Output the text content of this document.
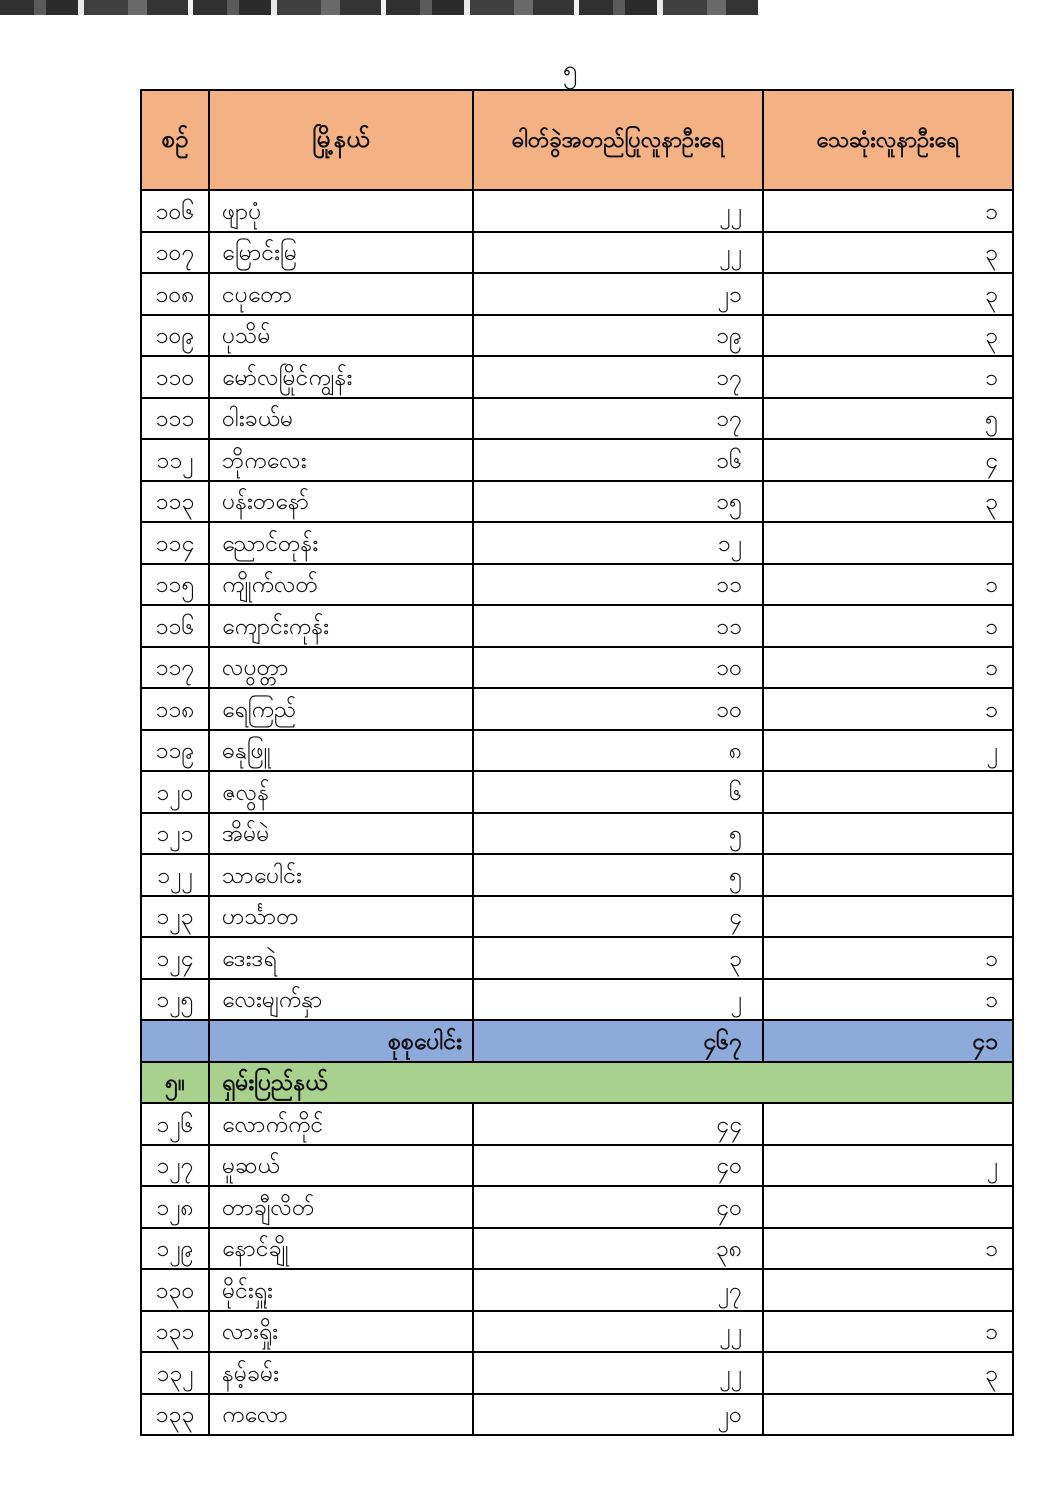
၅
စဉ်	မြို့နယ်	ဓါတ်ခွဲအတည်ပြုလူနာဦးရေ	သေဆုံးလူနာဦးရေ
၁၀၆	ဖျာပုံ	၂၂	၁
၁၀၇	မြောင်းမြ	၂၂	၃
၁၀၈	ငပုတော	၂၁	၃
၁၀၉	ပုသိမ်	၁၉	၃
၁၁၀	မော်လမြိုင်ကျွန်း	၁၇	၁
၁၁၁	ဝါးခယ်မ	၁၇	၅
၁၁၂	ဘိုကလေး	၁၆	၄
၁၁၃	ပန်းတနော်	၁၅	၃
၁၁၄	ညောင်တုန်း	၁၂	
၁၁၅	ကျိုက်လတ်	၁၁	၁
၁၁၆	ကျောင်းကုန်း	၁၁	၁
၁၁၇	လပွတ္တာ	၁၀	၁
၁၁၈	ရေကြည်	၁၀	၁
၁၁၉	ဓနုဖြူ	၈	၂
၁၂၀	ဇလွန်	၆	
၁၂၁	အိမ်မဲ	၅	
၁၂၂	သာပေါင်း	၅	
၁၂၃	ဟင်္သာတ	၄	
၁၂၄	ဒေးဒရဲ	၃	၁
၁၂၅	လေးမျက်နှာ	၂	၁
	စုစုပေါင်း	၄၆၇	၄၁
၅။	ရှမ်းပြည်နယ်		
၁၂၆	လောက်ကိုင်	၄၄	
၁၂၇	မူဆယ်	၄၀	၂
၁၂၈	တာချီလိတ်	၄၀	
၁၂၉	နောင်ချို	၃၈	၁
၁၃၀	မိုင်းရှူး	၂၇	
၁၃၁	လားရှိုး	၂၂	၁
၁၃၂	နမ့်ခမ်း	၂၂	၃
၁၃၃	ကလော	၂၀	
